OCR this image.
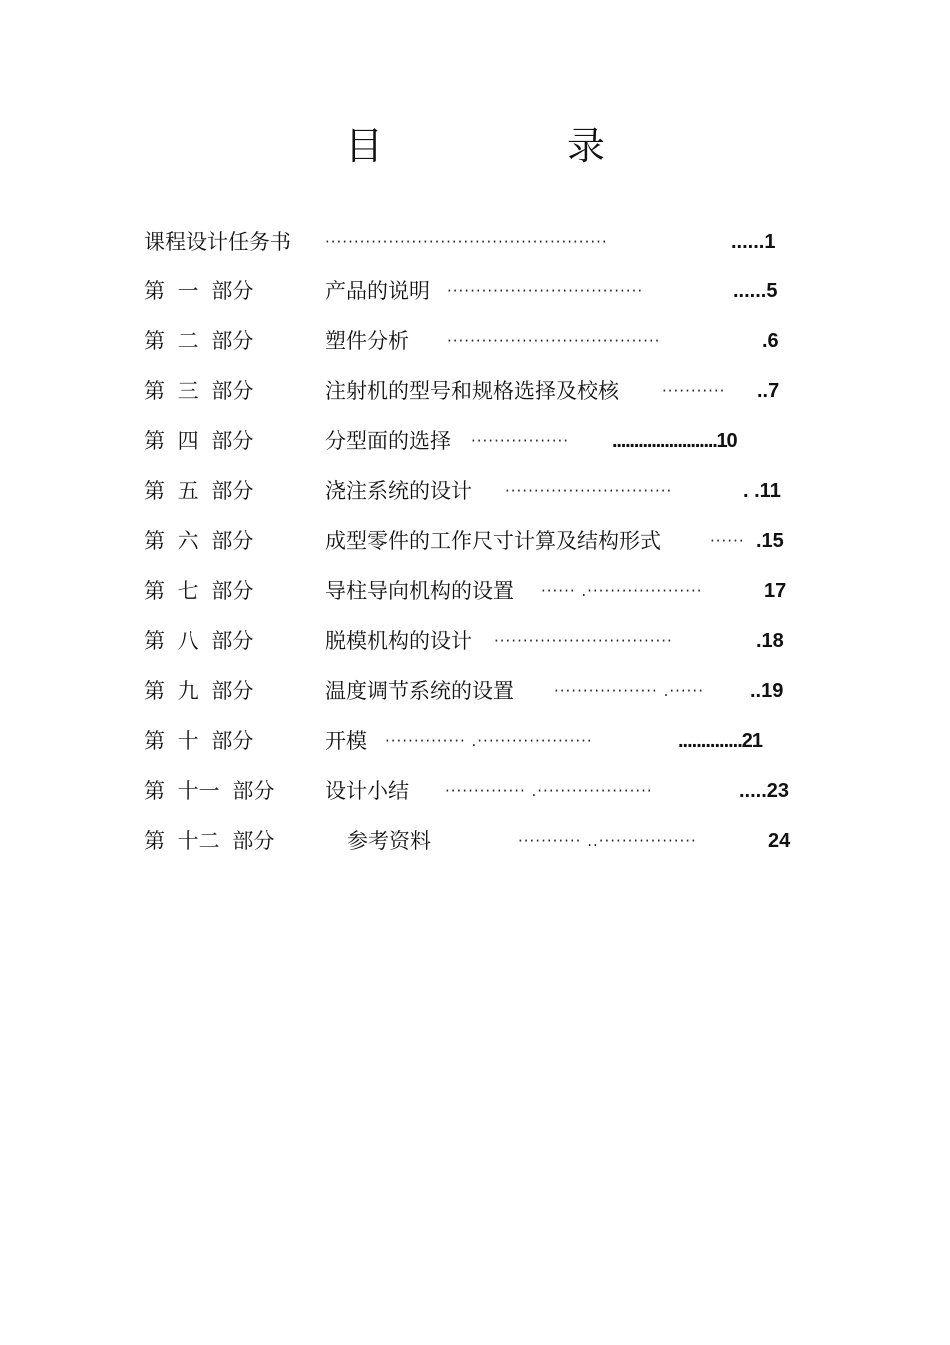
目 录
课程设计任务书 ·················································	......1
第 一 部分	产品的说明 ··································	......5
第 二 部分	塑件分析	·····································	.6
第 三 部分	注射机的型号和规格选择及校核	··········· ..7
第 四 部分	分型面的选择 ················· ........................10
第 五 部分	浇注系统的设计 ·····························	. .11
第 六 部分	成型零件的工作尺寸计算及结构形式	······ .15
第 七 部分	导柱导向机构的设置 ······ .····················	17
第 八 部分	脱模机构的设计 ·······························	.18
第 九 部分	温度调节系统的设置	·················· .······ ..19
第 十 部分	开模 ·············· .····················	..............21
第 十一 部分 设计小结 ·············· .····················	.....23
第 十二 部分	参考资料	··········· ..·················	24
